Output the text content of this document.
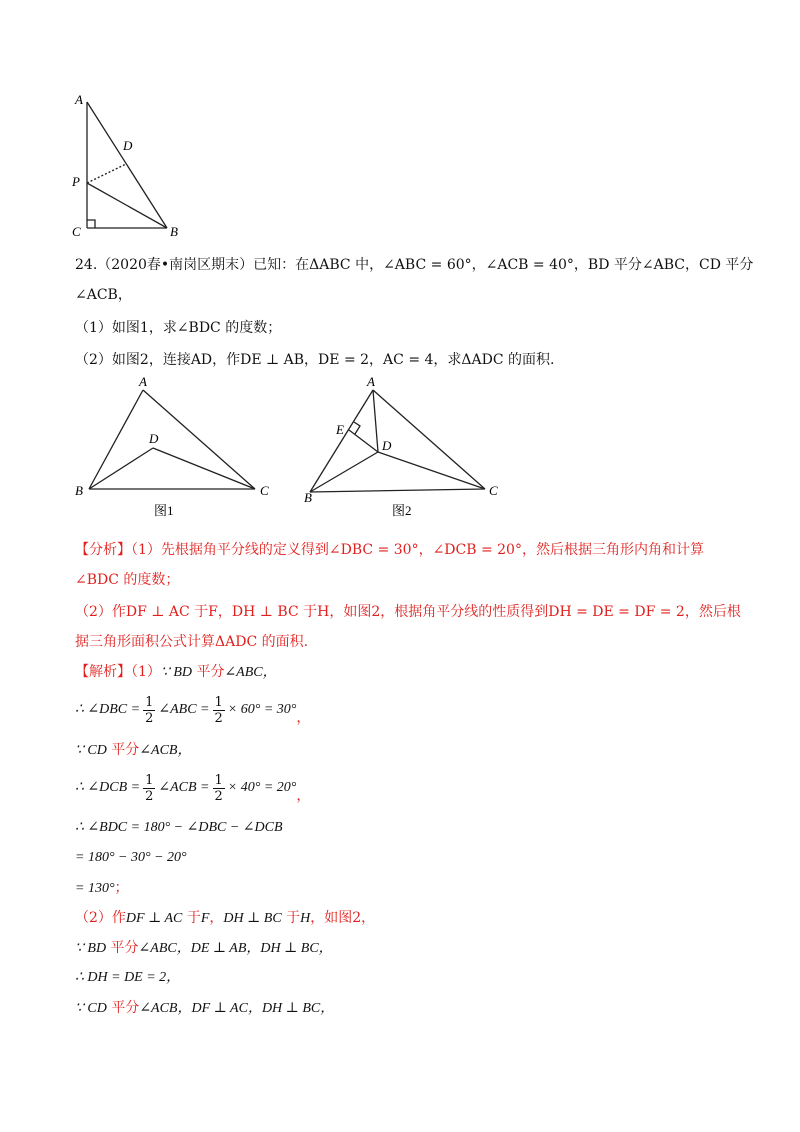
A
D
P
C	B
24.（2020春•南岗区期末）已知：在ΔABC 中，∠ABC = 60°，∠ACB = 40°，BD 平分∠ABC，CD 平分
∠ACB，
（1）如图1，求∠BDC 的度数；
（2）如图2，连接AD，作DE ⊥ AB，DE = 2，AC = 4，求ΔADC 的面积.
A
D
B	C
图1
A
E
D
B	C
图2
【分析】（1）先根据角平分线的定义得到∠DBC = 30°，∠DCB = 20°，然后根据三角形内角和计算
∠BDC 的度数；
（2）作DF ⊥ AC 于F，DH ⊥ BC 于H，如图2，根据角平分线的性质得到DH = DE = DF = 2，然后根
据三角形面积公式计算ΔADC 的面积.
【解析】（1）∵ BD 平分∠ABC，
∴ ∠DBC = $\frac{1}{2}$ ∠ABC = $\frac{1}{2} \times 60^\circ = 30^\circ$
，
∵ CD 平分∠ACB，
∴ ∠DCB = $\frac{1}{2}$ ∠ACB = $\frac{1}{2} \times 40^\circ = 20^\circ$
，
∴ ∠BDC = 180° − ∠DBC − ∠DCB
= 180° − 30° − 20°
= 130°；
（2）作DF ⊥ AC 于F，DH ⊥ BC 于H，如图2，
∵ BD 平分∠ABC，DE ⊥ AB，DH ⊥ BC，
∴ DH = DE = 2，
∵ CD 平分∠ACB，DF ⊥ AC，DH ⊥ BC，
